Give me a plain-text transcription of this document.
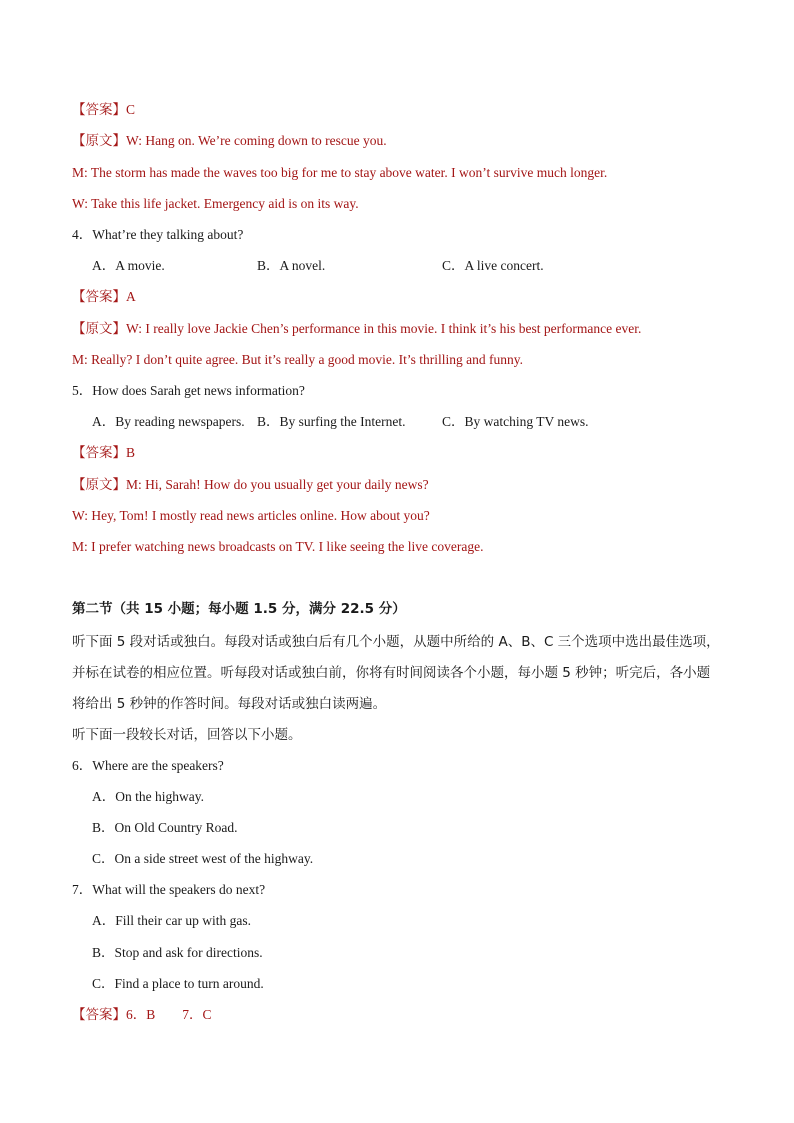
【答案】C
【原文】W: Hang on. We’re coming down to rescue you.
M: The storm has made the waves too big for me to stay above water. I won’t survive much longer.
W: Take this life jacket. Emergency aid is on its way.
4．What’re they talking about?
A．A movie.	B．A novel.	C．A live concert.
【答案】A
【原文】W: I really love Jackie Chen’s performance in this movie. I think it’s his best performance ever.
M: Really? I don’t quite agree. But it’s really a good movie. It’s thrilling and funny.
5．How does Sarah get news information?
A．By reading newspapers. B．By surfing the Internet.	C．By watching TV news.
【答案】B
【原文】M: Hi, Sarah! How do you usually get your daily news?
W: Hey, Tom! I mostly read news articles online. How about you?
M: I prefer watching news broadcasts on TV. I like seeing the live coverage.
第二节（共 15 小题；每小题 1.5 分，满分 22.5 分）
听下面 5 段对话或独白。每段对话或独白后有几个小题，从题中所给的 A、B、C 三个选项中选出最佳选项，并标在试卷的相应位置。听每段对话或独白前，你将有时间阅读各个小题，每小题 5 秒钟；听完后，各小题将给出 5 秒钟的作答时间。每段对话或独白读两遍。
听下面一段较长对话，回答以下小题。
6．Where are the speakers?
A．On the highway.
B．On Old Country Road.
C．On a side street west of the highway.
7．What will the speakers do next?
A．Fill their car up with gas.
B．Stop and ask for directions.
C．Find a place to turn around.
【答案】6．B　　7．C
